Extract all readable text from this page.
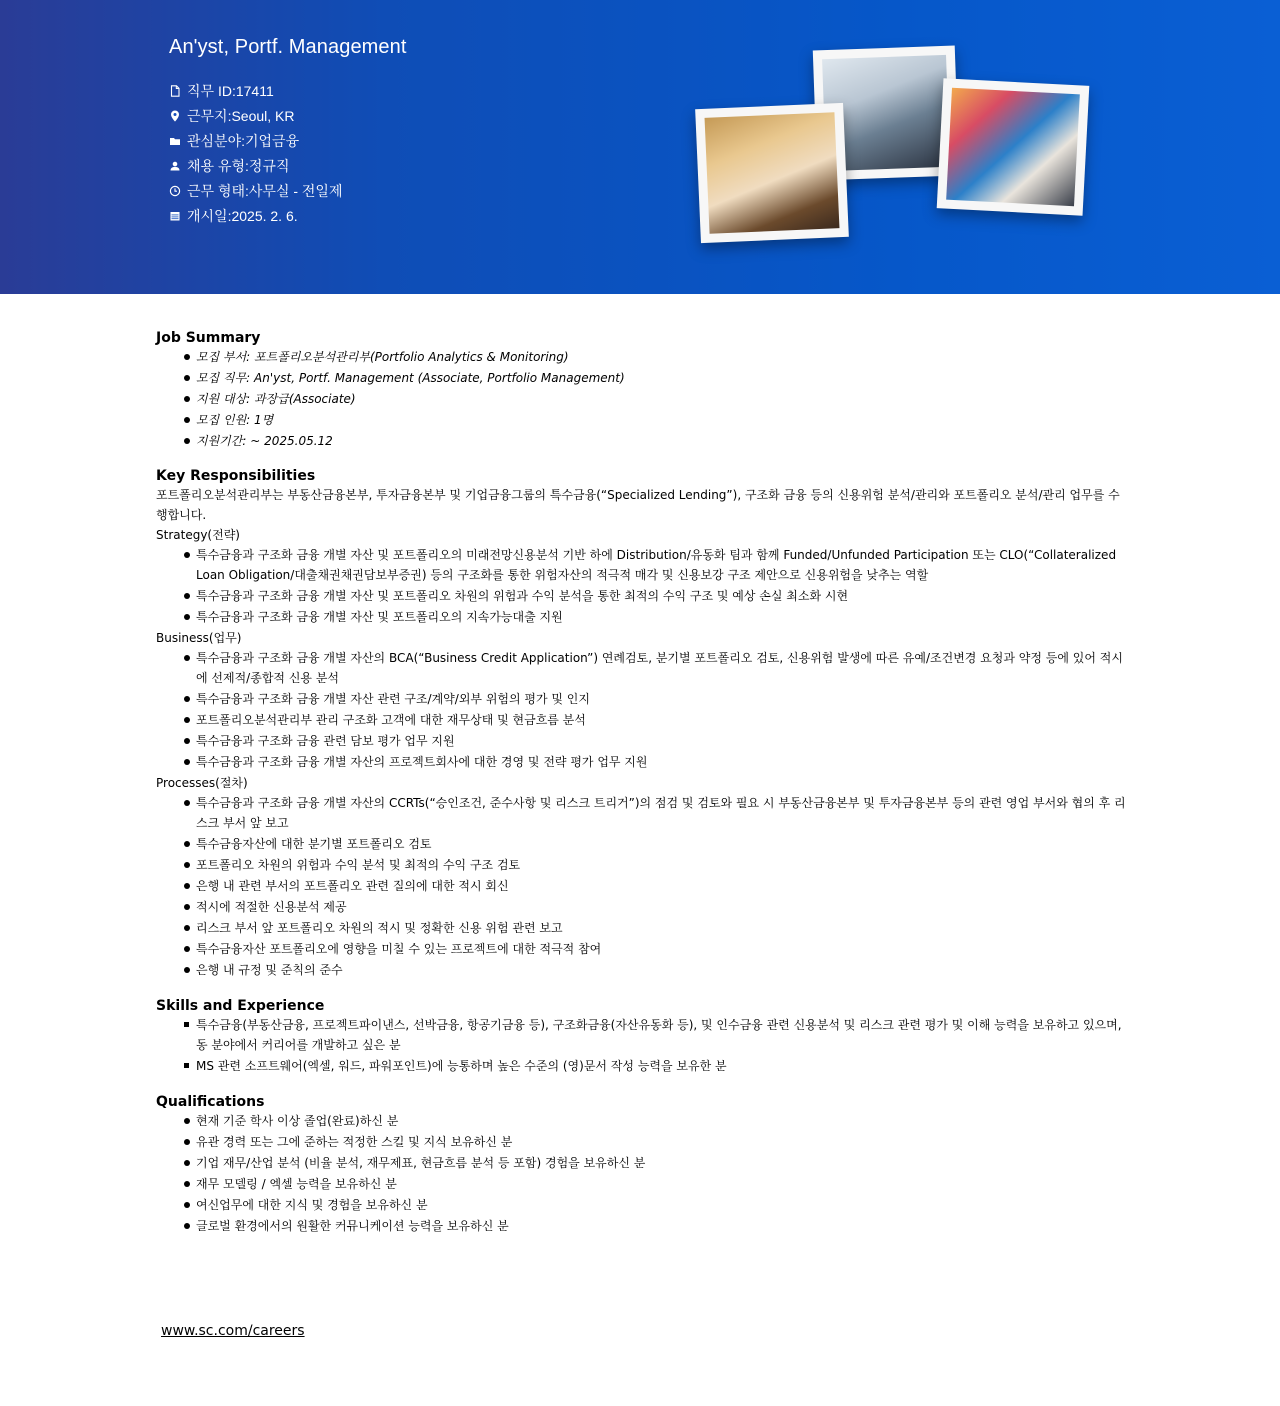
An'yst, Portf. Management
직무 ID : 17411
근무지 : Seoul, KR
관심분야 : 기업금융
채용 유형 : 정규직
근무 형태 : 사무실 - 전일제
개시일 : 2025. 2. 6.
Job Summary
모집 부서: 포트폴리오분석관리부(Portfolio Analytics & Monitoring)
모집 직무: An'yst, Portf. Management (Associate, Portfolio Management)
지원 대상: 과장급(Associate)
모집 인원: 1명
지원기간: ~ 2025.05.12
Key Responsibilities

포트폴리오분석관리부는 부동산금융본부, 투자금융본부 및 기업금융그룹의 특수금융(“Specialized Lending”), 구조화 금융 등의 신용위험 분석/관리와 포트폴리오 분석/관리 업무를 수행합니다.

Strategy(전략)

특수금융과 구조화 금융 개별 자산 및 포트폴리오의 미래전망신용분석 기반 하에 Distribution/유동화 팀과 함께 Funded/Unfunded Participation 또는 CLO(“Collateralized Loan Obligation/대출채권채권담보부증권) 등의 구조화를 통한 위험자산의 적극적 매각 및 신용보강 구조 제안으로 신용위험을 낮추는 역할
특수금융과 구조화 금융 개별 자산 및 포트폴리오 차원의 위험과 수익 분석을 통한 최적의 수익 구조 및 예상 손실 최소화 시현
특수금융과 구조화 금융 개별 자산 및 포트폴리오의 지속가능대출 지원

Business(업무)

특수금융과 구조화 금융 개별 자산의 BCA(“Business Credit Application”) 연례검토, 분기별 포트폴리오 검토, 신용위험 발생에 따른 유예/조건변경 요청과 약정 등에 있어 적시에 선제적/종합적 신용 분석
특수금융과 구조화 금융 개별 자산 관련 구조/계약/외부 위험의 평가 및 인지
포트폴리오분석관리부 관리 구조화 고객에 대한 재무상태 및 현금흐름 분석
특수금융과 구조화 금융 관련 담보 평가 업무 지원
특수금융과 구조화 금융 개별 자산의 프로젝트회사에 대한 경영 및 전략 평가 업무 지원

Processes(절차)

특수금융과 구조화 금융 개별 자산의 CCRTs(“승인조건, 준수사항 및 리스크 트리거”)의 점검 및 검토와 필요 시 부동산금융본부 및 투자금융본부 등의 관련 영업 부서와 협의 후 리스크 부서 앞 보고
특수금융자산에 대한 분기별 포트폴리오 검토
포트폴리오 차원의 위험과 수익 분석 및 최적의 수익 구조 검토
은행 내 관련 부서의 포트폴리오 관련 질의에 대한 적시 회신
적시에 적절한 신용분석 제공
리스크 부서 앞 포트폴리오 차원의 적시 및 정확한 신용 위험 관련 보고
특수금융자산 포트폴리오에 영향을 미칠 수 있는 프로젝트에 대한 적극적 참여
은행 내 규정 및 준칙의 준수
Skills and Experience
특수금융(부동산금융, 프로젝트파이낸스, 선박금융, 항공기금융 등), 구조화금융(자산유동화 등), 및 인수금융 관련 신용분석 및 리스크 관련 평가 및 이해 능력을 보유하고 있으며, 동 분야에서 커리어를 개발하고 싶은 분
MS 관련 소프트웨어(엑셀, 워드, 파워포인트)에 능통하며 높은 수준의 (영)문서 작성 능력을 보유한 분
Qualifications
현재 기준 학사 이상 졸업(완료)하신 분
유관 경력 또는 그에 준하는 적정한 스킬 및 지식 보유하신 분
기업 재무/산업 분석 (비율 분석, 재무제표, 현금흐름 분석 등 포함) 경험을 보유하신 분
재무 모델링 / 엑셀 능력을 보유하신 분
여신업무에 대한 지식 및 경험을 보유하신 분
글로벌 환경에서의 원활한 커뮤니케이션 능력을 보유하신 분
www.sc.com/careers
